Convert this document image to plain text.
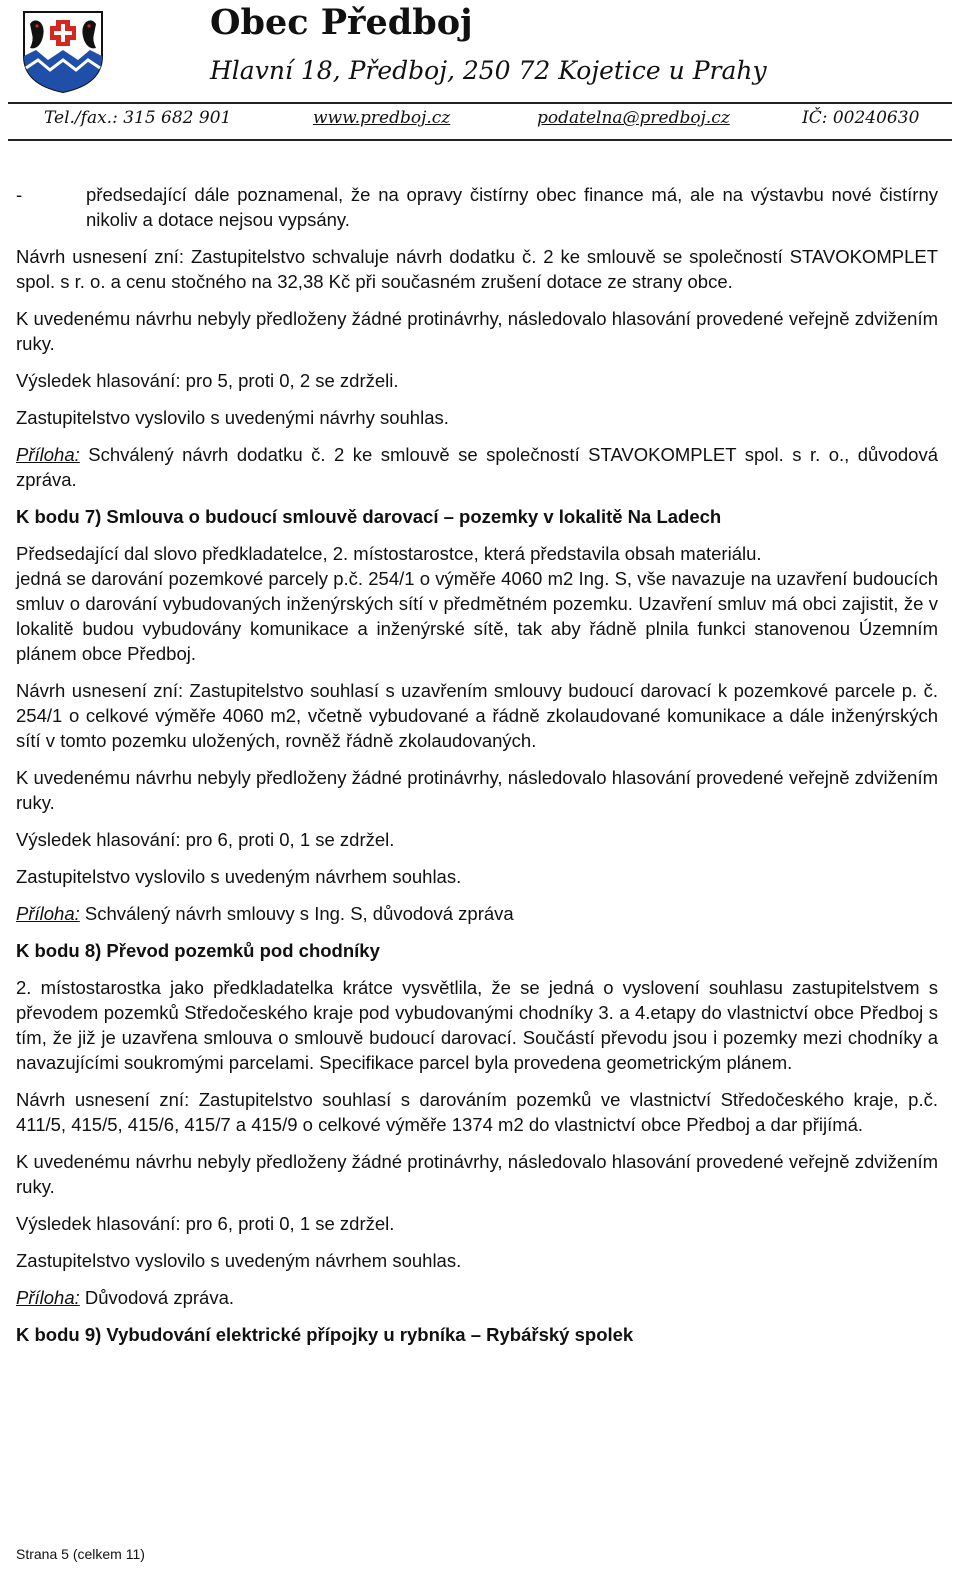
Obec Předboj
Hlavní 18, Předboj, 250 72 Kojetice u Prahy
Tel./fax.: 315 682 901	www.predboj.cz	podatelna@predboj.cz	IČ: 00240630

-	předsedající dále poznamenal, že na opravy čistírny obec finance má, ale na výstavbu nové čistírny nikoliv a dotace nejsou vypsány.

Návrh usnesení zní: Zastupitelstvo schvaluje návrh dodatku č. 2 ke smlouvě se společností STAVOKOMPLET spol. s r. o. a cenu stočného na 32,38 Kč při současném zrušení dotace ze strany obce.

K uvedenému návrhu nebyly předloženy žádné protinávrhy, následovalo hlasování provedené veřejně zdvižením ruky.

Výsledek hlasování: pro 5, proti 0, 2 se zdrželi.

Zastupitelstvo vyslovilo s uvedenými návrhy souhlas.

Příloha: Schválený návrh dodatku č. 2 ke smlouvě se společností STAVOKOMPLET spol. s r. o., důvodová zpráva.

K bodu 7) Smlouva o budoucí smlouvě darovací – pozemky v lokalitě Na Ladech

Předsedající dal slovo předkladatelce, 2. místostarostce, která představila obsah materiálu.

jedná se darování pozemkové parcely p.č. 254/1 o výměře 4060 m2 Ing. S, vše navazuje na uzavření budoucích smluv o darování vybudovaných inženýrských sítí v předmětném pozemku. Uzavření smluv má obci zajistit, že v lokalitě budou vybudovány komunikace a inženýrské sítě, tak aby řádně plnila funkci stanovenou Územním plánem obce Předboj.

Návrh usnesení zní: Zastupitelstvo souhlasí s uzavřením smlouvy budoucí darovací k pozemkové parcele p. č. 254/1 o celkové výměře 4060 m2, včetně vybudované a řádně zkolaudované komunikace a dále inženýrských sítí v tomto pozemku uložených, rovněž řádně zkolaudovaných.

K uvedenému návrhu nebyly předloženy žádné protinávrhy, následovalo hlasování provedené veřejně zdvižením ruky.

Výsledek hlasování: pro 6, proti 0, 1 se zdržel.

Zastupitelstvo vyslovilo s uvedeným návrhem souhlas.

Příloha: Schválený návrh smlouvy s Ing. S, důvodová zpráva

K bodu 8) Převod pozemků pod chodníky

2. místostarostka jako předkladatelka krátce vysvětlila, že se jedná o vyslovení souhlasu zastupitelstvem s převodem pozemků Středočeského kraje pod vybudovanými chodníky 3. a 4.etapy do vlastnictví obce Předboj s tím, že již je uzavřena smlouva o smlouvě budoucí darovací. Součástí převodu jsou i pozemky mezi chodníky a navazujícími soukromými parcelami. Specifikace parcel byla provedena geometrickým plánem.

Návrh usnesení zní: Zastupitelstvo souhlasí s darováním pozemků ve vlastnictví Středočeského kraje, p.č. 411/5, 415/5, 415/6, 415/7 a 415/9 o celkové výměře 1374 m2 do vlastnictví obce Předboj a dar přijímá.

K uvedenému návrhu nebyly předloženy žádné protinávrhy, následovalo hlasování provedené veřejně zdvižením ruky.

Výsledek hlasování: pro 6, proti 0, 1 se zdržel.

Zastupitelstvo vyslovilo s uvedeným návrhem souhlas.

Příloha: Důvodová zpráva.

K bodu 9) Vybudování elektrické přípojky u rybníka – Rybářský spolek

Strana 5 (celkem 11)
